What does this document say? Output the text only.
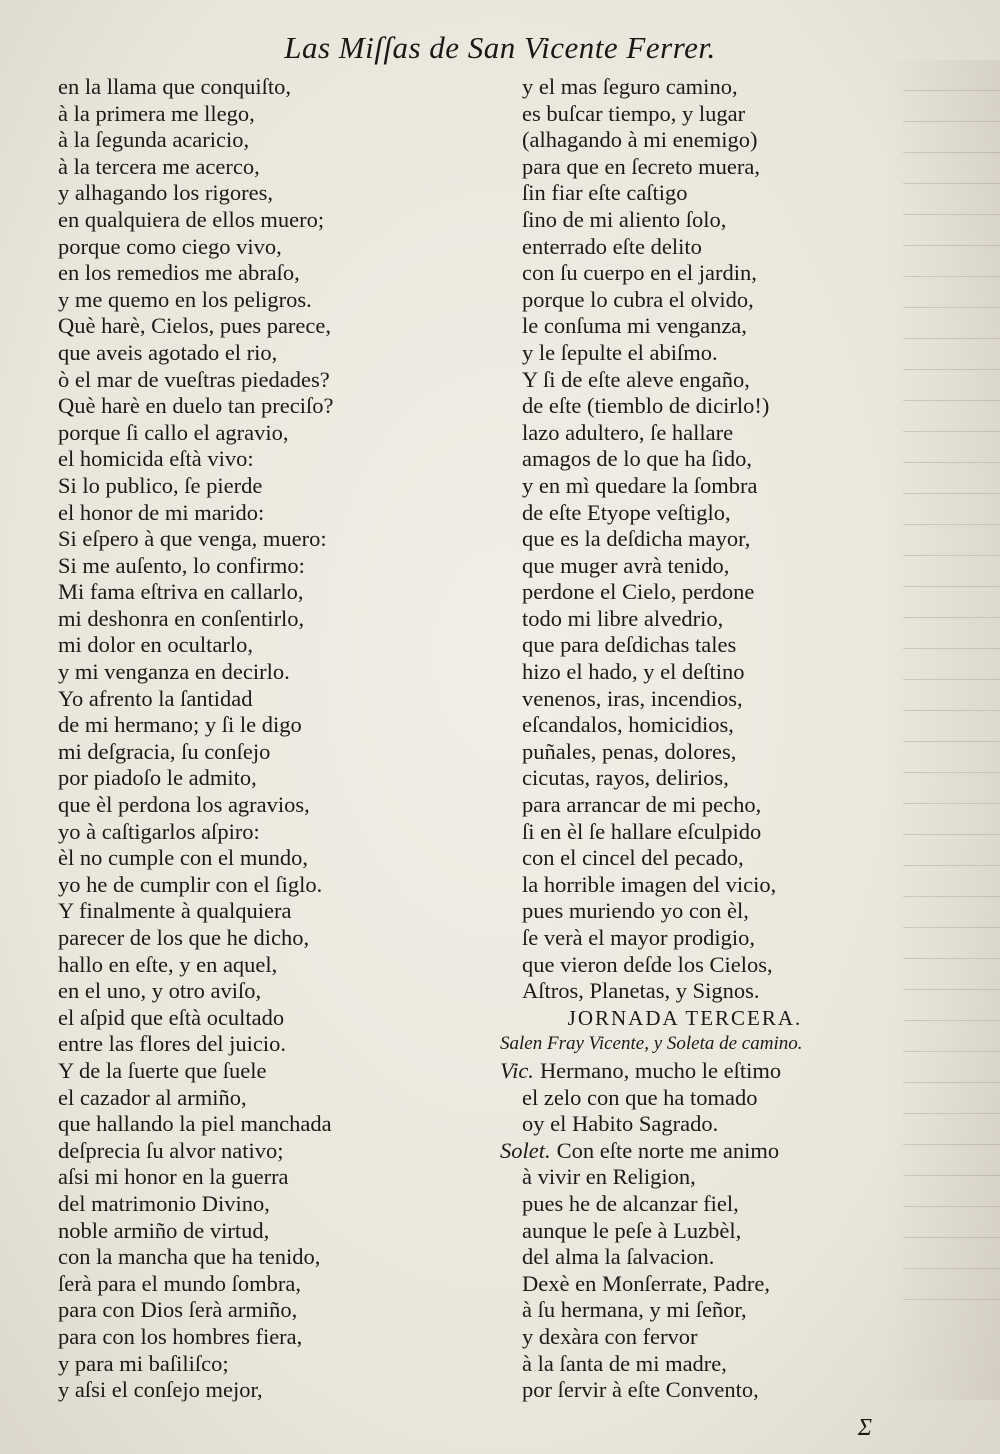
Las Miſſas de San Vicente Ferrer.
en la llama que conquiſto,
à la primera me llego,
à la ſegunda acaricio,
à la tercera me acerco,
y alhagando los rigores,
en qualquiera de ellos muero;
porque como ciego vivo,
en los remedios me abraſo,
y me quemo en los peligros.
Què harè, Cielos, pues parece,
que aveis agotado el rio,
ò el mar de vueſtras piedades?
Què harè en duelo tan preciſo?
porque ſi callo el agravio,
el homicida eſtà vivo:
Si lo publico, ſe pierde
el honor de mi marido:
Si eſpero à que venga, muero:
Si me auſento, lo confirmo:
Mi fama eſtriva en callarlo,
mi deshonra en conſentirlo,
mi dolor en ocultarlo,
y mi venganza en decirlo.
Yo afrento la ſantidad
de mi hermano; y ſi le digo
mi deſgracia, ſu conſejo
por piadoſo le admito,
que èl perdona los agravios,
yo à caſtigarlos aſpiro:
èl no cumple con el mundo,
yo he de cumplir con el ſiglo.
Y finalmente à qualquiera
parecer de los que he dicho,
hallo en eſte, y en aquel,
en el uno, y otro aviſo,
el aſpid que eſtà ocultado
entre las flores del juicio.
Y de la ſuerte que ſuele
el cazador al armiño,
que hallando la piel manchada
deſprecia ſu alvor nativo;
aſsi mi honor en la guerra
del matrimonio Divino,
noble armiño de virtud,
con la mancha que ha tenido,
ſerà para el mundo ſombra,
para con Dios ſerà armiño,
para con los hombres fiera,
y para mi baſiliſco;
y aſsi el conſejo mejor,
y el mas ſeguro camino,
es buſcar tiempo, y lugar
(alhagando à mi enemigo)
para que en ſecreto muera,
ſin fiar eſte caſtigo
ſino de mi aliento ſolo,
enterrado eſte delito
con ſu cuerpo en el jardin,
porque lo cubra el olvido,
le conſuma mi venganza,
y le ſepulte el abiſmo.
Y ſi de eſte aleve engaño,
de eſte (tiemblo de dicirlo!)
lazo adultero, ſe hallare
amagos de lo que ha ſido,
y en mì quedare la ſombra
de eſte Etyope veſtiglo,
que es la deſdicha mayor,
que muger avrà tenido,
perdone el Cielo, perdone
todo mi libre alvedrio,
que para deſdichas tales
hizo el hado, y el deſtino
venenos, iras, incendios,
eſcandalos, homicidios,
puñales, penas, dolores,
cicutas, rayos, delirios,
para arrancar de mi pecho,
ſi en èl ſe hallare eſculpido
con el cincel del pecado,
la horrible imagen del vicio,
pues muriendo yo con èl,
ſe verà el mayor prodigio,
que vieron deſde los Cielos,
Aſtros, Planetas, y Signos.
JORNADA TERCERA.
Salen Fray Vicente, y Soleta de camino.
Vic. Hermano, mucho le eſtimo
el zelo con que ha tomado
oy el Habito Sagrado.
Solet. Con eſte norte me animo
à vivir en Religion,
pues he de alcanzar fiel,
aunque le peſe à Luzbèl,
del alma la ſalvacion.
Dexè en Monſerrate, Padre,
à ſu hermana, y mi ſeñor,
y dexàra con fervor
à la ſanta de mi madre,
por ſervir à eſte Convento,
Ʃ
